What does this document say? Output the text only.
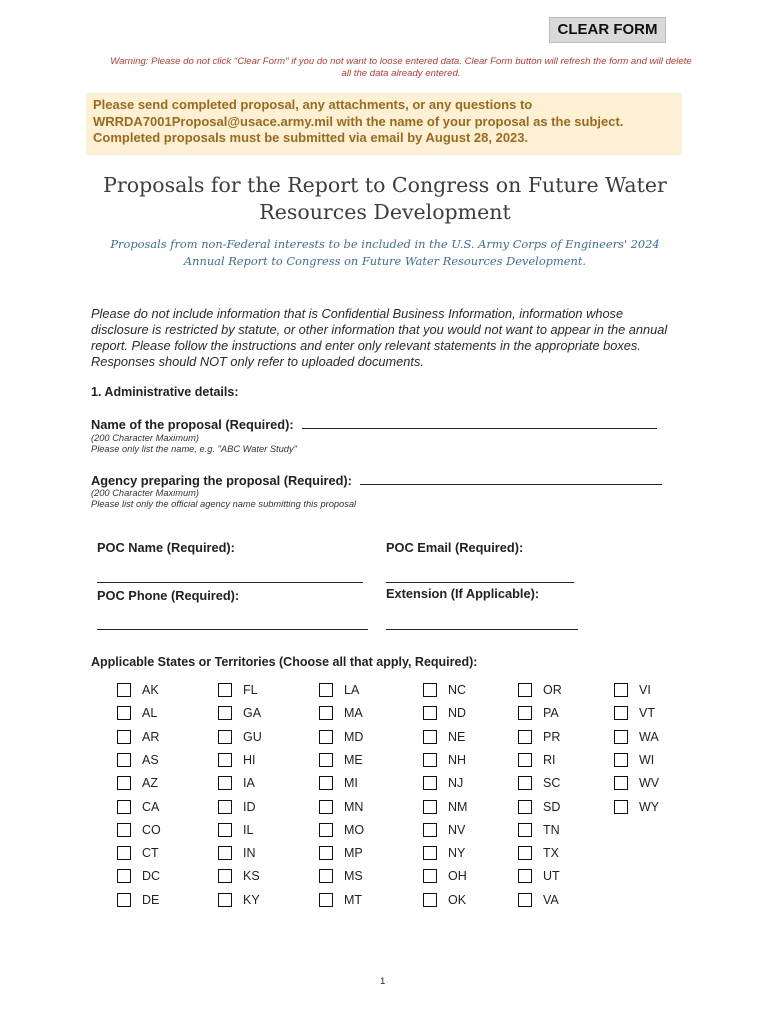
CLEAR FORM
Warning: Please do not click "Clear Form" if you do not want to loose entered data. Clear Form button will refresh the form and will delete all the data already entered.
Please send completed proposal, any attachments, or any questions to WRRDA7001Proposal@usace.army.mil with the name of your proposal as the subject. Completed proposals must be submitted via email by August 28, 2023.
Proposals for the Report to Congress on Future Water Resources Development
Proposals from non-Federal interests to be included in the U.S. Army Corps of Engineers' 2024 Annual Report to Congress on Future Water Resources Development.
Please do not include information that is Confidential Business Information, information whose disclosure is restricted by statute, or other information that you would not want to appear in the annual report. Please follow the instructions and enter only relevant statements in the appropriate boxes. Responses should NOT only refer to uploaded documents.
1. Administrative details:
Name of the proposal (Required):
(200 Character Maximum)
Please only list the name, e.g. "ABC Water Study"
Agency preparing the proposal (Required):
(200 Character Maximum)
Please list only the official agency name submitting this proposal
POC Name (Required):	POC Email (Required):
POC Phone (Required):	Extension (If Applicable):
Applicable States or Territories (Choose all that apply, Required):
AK
AL
AR
AS
AZ
CA
CO
CT
DC
DE
FL
GA
GU
HI
IA
ID
IL
IN
KS
KY
LA
MA
MD
ME
MI
MN
MO
MP
MS
MT
NC
ND
NE
NH
NJ
NM
NV
NY
OH
OK
OR
PA
PR
RI
SC
SD
TN
TX
UT
VA
VI
VT
WA
WI
WV
WY
1
